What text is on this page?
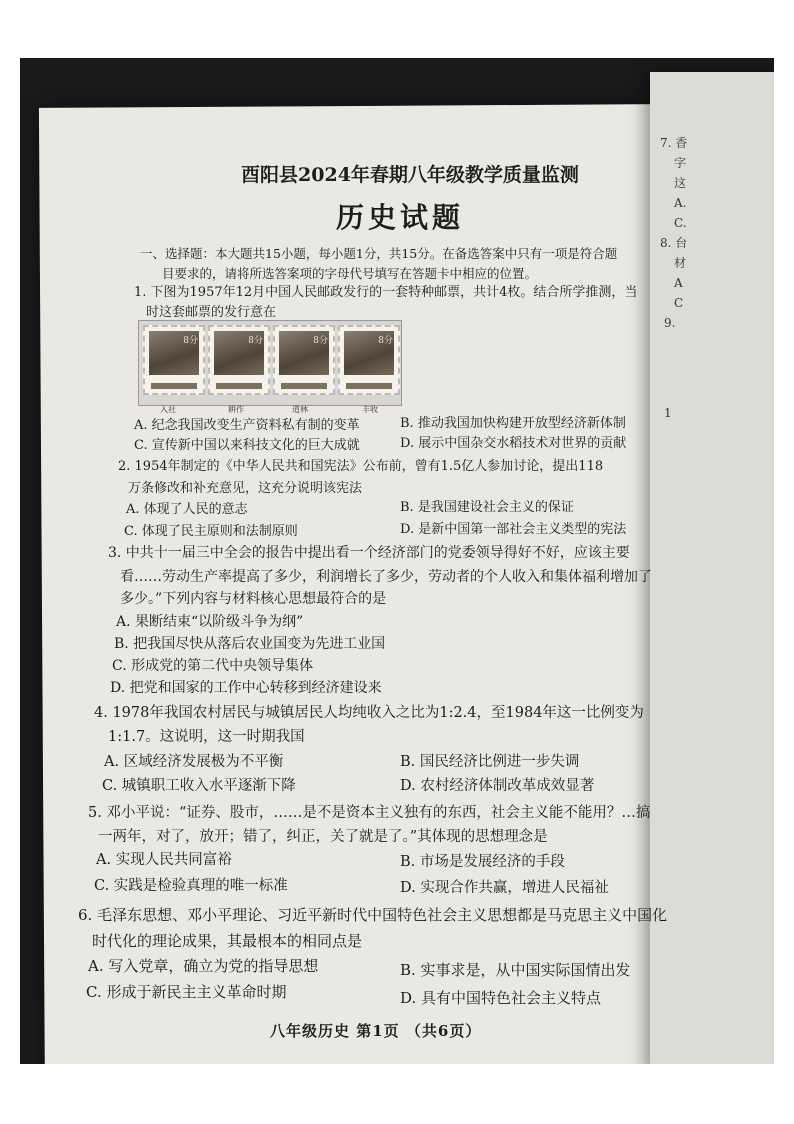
7. 香
字
这
A.
C.
8. 台
材
A
C
9.
1
酉阳县2024年春期八年级教学质量监测
历史试题
一、选择题：本大题共15小题，每小题1分，共15分。在备选答案中只有一项是符合题
目要求的，请将所选答案项的字母代号填写在答题卡中相应的位置。
1. 下图为1957年12月中国人民邮政发行的一套特种邮票，共计4枚。结合所学推测，当
时这套邮票的发行意在
8分	8分	8分	8分
入社	耕作	道林	丰收
A. 纪念我国改变生产资料私有制的变革	B. 推动我国加快构建开放型经济新体制
C. 宣传新中国以来科技文化的巨大成就	D. 展示中国杂交水稻技术对世界的贡献
2. 1954年制定的《中华人民共和国宪法》公布前，曾有1.5亿人参加讨论，提出118
万条修改和补充意见，这充分说明该宪法
A. 体现了人民的意志	B. 是我国建设社会主义的保证
C. 体现了民主原则和法制原则	D. 是新中国第一部社会主义类型的宪法
3. 中共十一届三中全会的报告中提出看一个经济部门的党委领导得好不好，应该主要
看……劳动生产率提高了多少，利润增长了多少，劳动者的个人收入和集体福利增加了
多少。”下列内容与材料核心思想最符合的是
A. 果断结束“以阶级斗争为纲”
B. 把我国尽快从落后农业国变为先进工业国
C. 形成党的第二代中央领导集体
D. 把党和国家的工作中心转移到经济建设来
4. 1978年我国农村居民与城镇居民人均纯收入之比为1:2.4，至1984年这一比例变为
1:1.7。这说明，这一时期我国
A. 区域经济发展极为不平衡	B. 国民经济比例进一步失调
C. 城镇职工收入水平逐渐下降	D. 农村经济体制改革成效显著
5. 邓小平说：“证券、股市，……是不是资本主义独有的东西，社会主义能不能用？…搞
一两年，对了，放开；错了，纠正，关了就是了。”其体现的思想理念是
A. 实现人民共同富裕	B. 市场是发展经济的手段
C. 实践是检验真理的唯一标准	D. 实现合作共赢，增进人民福祉
6. 毛泽东思想、邓小平理论、习近平新时代中国特色社会主义思想都是马克思主义中国化
时代化的理论成果，其最根本的相同点是
A. 写入党章，确立为党的指导思想	B. 实事求是，从中国实际国情出发
C. 形成于新民主主义革命时期	D. 具有中国特色社会主义特点
八年级历史 第1页 （共6页）
